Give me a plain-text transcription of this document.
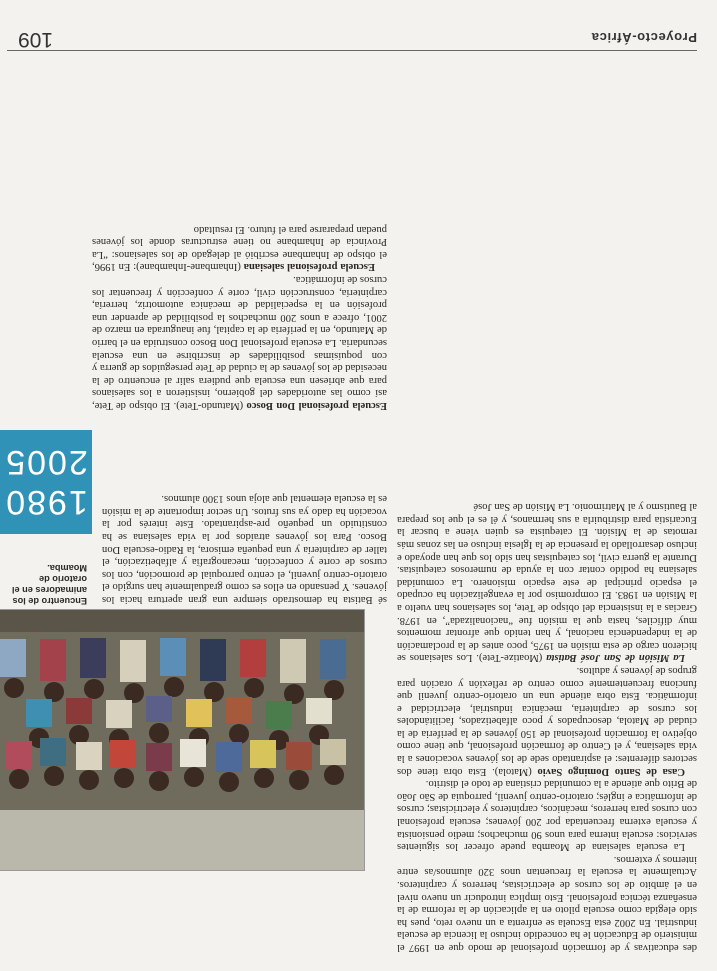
Proyecto-África
109

des educativas y de formación profesional de modo que en 1997 el ministerio de Educación le ha concedido incluso la licencia de escuela industrial. En 2002 esta Escuela se enfrenta a un nuevo reto, pues ha sido elegida como escuela piloto en la aplicación de la reforma de la enseñanza técnica profesional. Esto implica introducir un nuevo nivel en el ámbito de los cursos de electricistas, herreros y carpinteros. Actualmente la escuela la frecuentan unos 320 alumnos/as entre internos y externos.

La escuela salesiana de Moamba puede ofrecer los siguientes servicios: escuela interna para unos 90 muchachos; medio pensionista y escuela externa frecuentada por 200 jóvenes; escuela profesional con cursos para herreros, mecánicos, carpinteros y electricistas; cursos de informática e inglés; oratorio-centro juvenil, parroquia de São João de Brito que atiende a la comunidad cristiana de todo el distrito.

Casa de Santo Domingo Savio (Matola). Esta obra tiene dos sectores diferentes: el aspirantado sede de los jóvenes vocaciones a la vida salesiana, y el Centro de formación profesional, que tiene como objetivo la formación profesional de 150 jóvenes de la periferia de la ciudad de Matola, desocupados y poco alfabetizados, facilitándoles los cursos de carpintería, mecánica industrial, electricidad e informática. Esta obra atiende una un oratorio-centro juvenil que funciona frecuentemente como centro de reflexión y oración para grupos de jóvenes y adultos.

La Misión de San José Batista (Moatize-Tete). Los salesianos se hicieron cargo de esta misión en 1975, poco antes de la proclamación de la independencia nacional, y han tenido que afrontar momentos muy difíciles, hasta que la misión fue “nacionalizada”, en 1978. Gracias a la insistencia del obispo de Tete, los salesianos han vuelto a la Misión en 1983. El compromiso por la evangelización ha ocupado el espacio principal de este espacio misionero. La comunidad salesiana ha podido contar con la ayuda de numerosos catequistas. Durante la guerra civil, los catequistas han sido los que han apoyado e incluso desarrollado la presencia de la Iglesia incluso en las zonas más remotas de la Misión. El catequista es quien viene a buscar la Eucaristía para distribuirla a sus hermanos, y él es el que los prepara al Bautismo y al Matrimonio. La Misión de San José

1980
2005
Encuentro de los animadores en el oratorio de Moamba.

sé Batista ha demostrado siempre una gran apertura hacia los jóvenes. Y pensando en ellos es como gradualmente han surgido el oratorio-centro juvenil, el centro parroquial de promoción, con los cursos de corte y confección, mecanografía y alfabetización, el taller de carpintería y una pequeña emisora, la Radio-escuela Don Bosco. Para los jóvenes atraídos por la vida salesiana se ha constituido un pequeño pre-aspirantado. Este interés por la vocación ha dado ya sus frutos. Un sector importante de la misión es la escuela elemental que aloja unos 1300 alumnos.

Escuela profesional Don Bosco (Matundo-Tete). El obispo de Tete, así como las autoridades del gobierno, insistieron a los salesianos para que abriesen una escuela que pudiera salir al encuentro de la necesidad de los jóvenes de la ciudad de Tete perseguidos de guerra y con poquísimas posibilidades de inscribirse en una escuela secundaria. La escuela profesional Don Bosco construida en el barrio de Matundo, en la periferia de la capital, fue inaugurada en marzo de 2001, ofrece a unos 200 muchachos la posibilidad de aprender una profesión en la especialidad de mecánica automotriz, herrería, carpintería, construcción civil, corte y confección y frecuentar los cursos de informática.

Escuela profesional salesiana (Inhambane-Inhambane): En 1996, el obispo de Inhambane escribió al delegado de los salesianos: “La Provincia de Inhambane no tiene estructuras donde los jóvenes puedan prepararse para el futuro. El resultado
